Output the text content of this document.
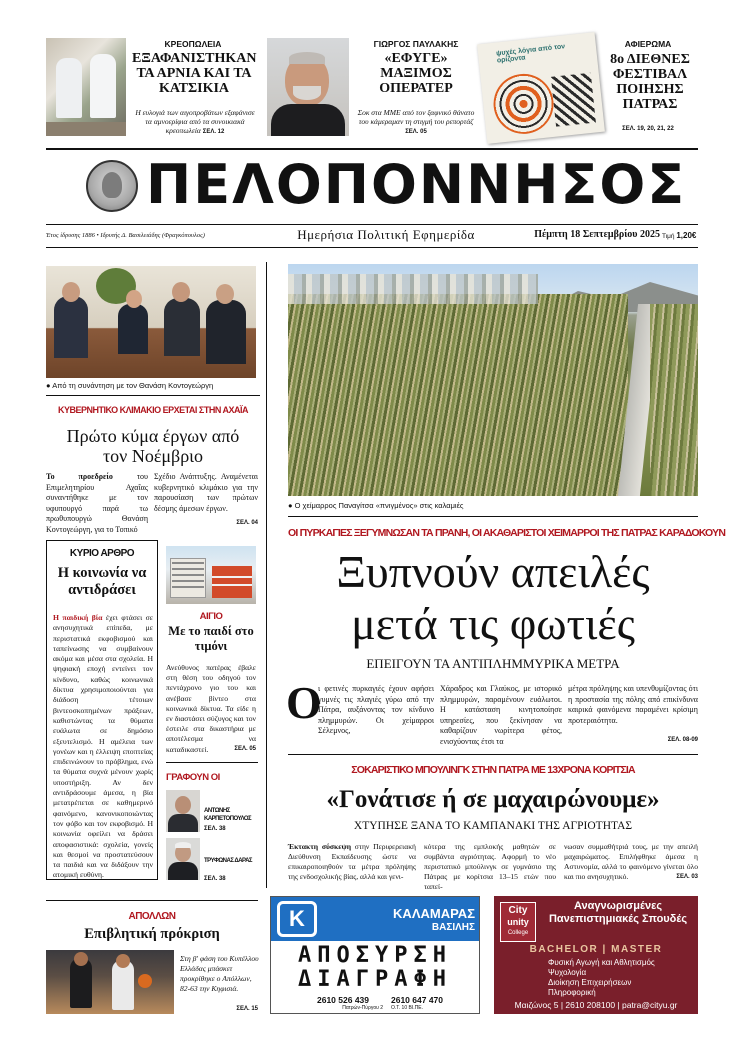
ΚΡΕΟΠΩΛΕΙΑ
ΕΞΑΦΑΝΙΣΤΗΚΑΝ ΤΑ ΑΡΝΙΑ ΚΑΙ ΤΑ ΚΑΤΣΙΚΙΑ
Η ευλογιά των αιγοπροβάτων εξαφάνισε τα αμνοερίφια από τα συνοικιακά κρεοπωλεία ΣΕΛ. 12
ΓΙΩΡΓΟΣ ΠΑΥΛΑΚΗΣ
«ΕΦΥΓΕ» ΜΑΞΙΜΟΣ ΟΠΕΡΑΤΕΡ
Σοκ στα ΜΜΕ από τον ξαφνικό θάνατο του κάμεραμαν τη στιγμή του ρεπορτάζ ΣΕΛ. 05
ψυχές λόγια από τον ορίζοντα
ΑΦΙΕΡΩΜΑ
8ο ΔΙΕΘΝΕΣ ΦΕΣΤΙΒΑΛ ΠΟΙΗΣΗΣ ΠΑΤΡΑΣ
ΣΕΛ. 19, 20, 21, 22
ΠΕΛΟΠΟΝΝΗΣΟΣ
Έτος ίδρυσης 1886 • Ιδρυτής Δ. Βασιλειάδης (Φραγκόπουλος)	Ημερήσια Πολιτική Εφημερίδα	Πέμπτη 18 Σεπτεμβρίου 2025 Τιμή 1,20€
● Από τη συνάντηση με τον Θανάση Κοντογεώργη
ΚΥΒΕΡΝΗΤΙΚΟ ΚΛΙΜΑΚΙΟ ΕΡΧΕΤΑΙ ΣΤΗΝ ΑΧΑΪΑ
Πρώτο κύμα έργων από τον Νοέμβριο
Το προεδρείο του Επιμελητηρίου Αχαΐας συναντήθηκε με τον υφυπουργό παρά τω πρωθυπουργώ Θανάση Κοντογεώργη, για το Τοπικό
Σχέδιο Ανάπτυξης. Αναμένεται κυβερνητικό κλιμάκιο για την παρουσίαση των πρώτων δέσμης άμεσων έργων.
ΣΕΛ. 04
ΚΥΡΙΟ ΑΡΘΡΟ
Η κοινωνία να αντιδράσει
Η παιδική βία έχει φτάσει σε ανησυχητικά επίπεδα, με περιστατικά εκφοβισμού και ταπείνωσης να συμβαίνουν ακόμα και μέσα στα σχολεία. Η ψηφιακή εποχή εντείνει τον κίνδυνο, καθώς κοινωνικά δίκτυα χρησιμοποιούνται για διάδοση τέτοιων βιντεοσκοπημένων πράξεων, καθιστώντας τα θύματα ευάλωτα σε δημόσιο εξευτελισμό. Η αμέλεια των γονέων και η έλλειψη εποπτείας επιδεινώνουν το πρόβλημα, ενώ τα θύματα συχνά μένουν χωρίς υποστήριξη. Αν δεν αντιδράσουμε άμεσα, η βία μετατρέπεται σε καθημερινό φαινόμενο, κανονικοποιώντας τον φόβο και τον εκφοβισμό. Η κοινωνία οφείλει να δράσει αποφασιστικά: σχολεία, γονείς και θεσμοί να προστατεύσουν τα παιδιά και να διδάξουν την ατομική ευθύνη.
ΑΙΓΙΟ
Με το παιδί στο τιμόνι
Ανεύθυνος πατέρας έβαλε στη θέση του οδηγού τον πεντάχρονο γιο του και ανέβασε βίντεο στα κοινωνικά δίκτυα. Τα είδε η εν διαστάσει σύζυγος και τον έστειλε στα δικαστήρια με αποτέλεσμα να καταδικαστεί.	ΣΕΛ. 05
ΓΡΑΦΟΥΝ ΟΙ
ΑΝΤΩΝΗΣ ΚΑΡΠΕΤΟΠΟΥΛΟΣ
ΣΕΛ. 38
ΤΡΥΦΩΝΑΣ ΔΑΡΑΣ
ΣΕΛ. 38
● Ο χείμαρρος Παναγίτσα «πνιγμένος» στις καλαμιές
ΟΙ ΠΥΡΚΑΓΙΕΣ ΞΕΓΥΜΝΩΣΑΝ ΤΑ ΠΡΑΝΗ, ΟΙ ΑΚΑΘΑΡΙΣΤΟΙ ΧΕΙΜΑΡΡΟΙ ΤΗΣ ΠΑΤΡΑΣ ΚΑΡΑΔΟΚΟΥΝ
Ξυπνούν απειλές
μετά τις φωτιές
ΕΠΕΙΓΟΥΝ ΤΑ ΑΝΤΙΠΛΗΜΜΥΡΙΚΑ ΜΕΤΡΑ
Ο
ι φετινές πυρκαγιές έχουν αφήσει γυμνές τις πλαγιές γύρω από την Πάτρα, αυξάνοντας τον κίνδυνο πλημμυρών. Οι χείμαρροι Σέλεμνος,
Χάραδρος και Γλαύκος, με ιστορικό πλημμυρών, παραμένουν ευάλωτοι. Η κατάσταση κινητοποίησε υπηρεσίες, που ξεκίνησαν να καθαρίζουν νωρίτερα φέτος, ενισχύοντας έτσι τα
μέτρα πρόληψης και υπενθυμίζοντας ότι η προστασία της πόλης από επικίνδυνα καιρικά φαινόμενα παραμένει κρίσιμη προτεραιότητα.
ΣΕΛ. 08-09
ΣΟΚΑΡΙΣΤΙΚΟ ΜΠΟΥΛΙΝΓΚ ΣΤΗΝ ΠΑΤΡΑ ΜΕ 13ΧΡΟΝΑ ΚΟΡΙΤΣΙΑ
«Γονάτισε ή σε μαχαιρώνουμε»
ΧΤΥΠΗΣΕ ΞΑΝΑ ΤΟ ΚΑΜΠΑΝΑΚΙ ΤΗΣ ΑΓΡΙΟΤΗΤΑΣ
Έκτακτη σύσκεψη στην Περιφερειακή Διεύθυνση Εκπαίδευσης ώστε να επικαιροποιηθούν τα μέτρα πρόληψης της ενδοσχολικής βίας, αλλά και γενι-
κότερα της εμπλοκής μαθητών σε συμβάντα αγριότητας. Αφορμή το νέο περιστατικό μπούλινγκ σε γυμνάσιο της Πάτρας με κορίτσια 13–15 ετών που ταπεί-
νωσαν συμμαθήτριά τους, με την απειλή μαχαιρώματος. Επιλήφθηκε άμεσα η Αστυνομία, αλλά το φαινόμενο γίνεται όλο και πιο ανησυχητικό.	ΣΕΛ. 03
ΑΠΟΛΛΩΝ
Επιβλητική πρόκριση
Στη β' φάση του Κυπέλλου Ελλάδας μπάσκετ προκρίθηκε ο Απόλλων, 82-63 την Κηφισιά.
ΣΕΛ. 15
K	ΚΑΛΑΜΑΡΑΣ
ΒΑΣΙΛΗΣ
ΑΠΟΣΥΡΣΗ
ΔΙΑΓΡΑΦΗ
2610 526 439
Πατρών-Πύργου 2
2610 647 470
Ο.Τ. 10 ΒΙ.ΠΕ.
City
unity
College
Αναγνωρισμένες Πανεπιστημιακές Σπουδές
BACHELOR | MASTER
Φυσική Αγωγή και Αθλητισμός
Ψυχολογία
Διοίκηση Επιχειρήσεων
Πληροφορική
Μαιζώνος 5 | 2610 208100 | patra@cityu.gr
